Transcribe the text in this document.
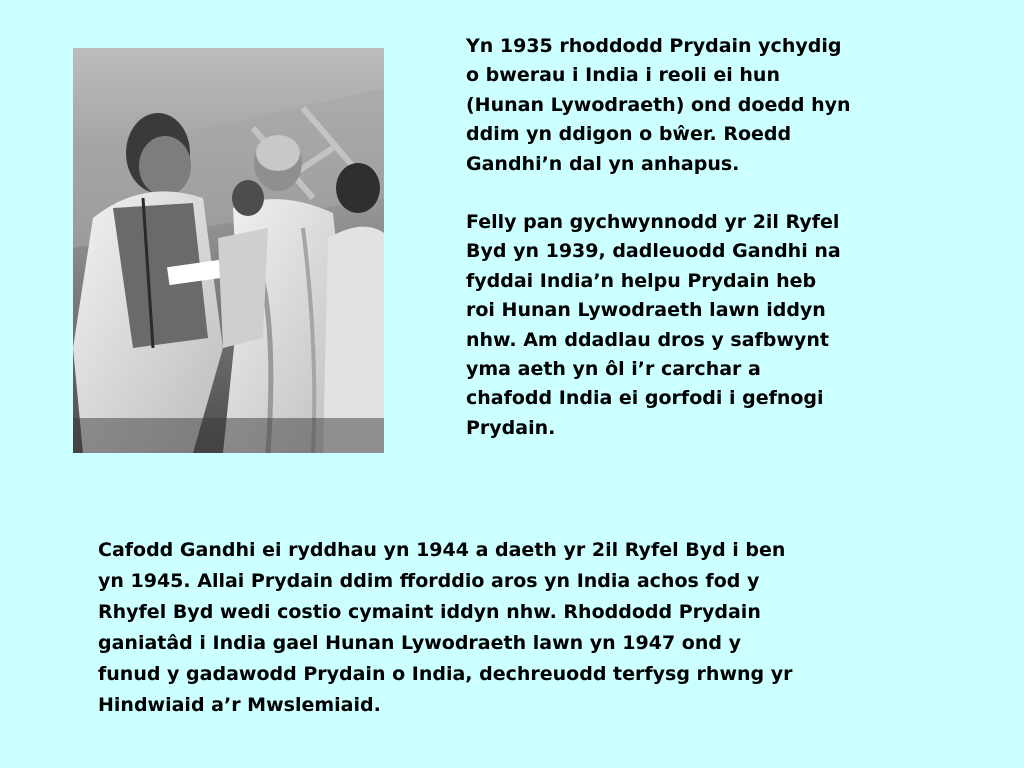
Yn 1935 rhoddodd Prydain ychydig
o bwerau i India i reoli ei hun
(Hunan Lywodraeth) ond doedd hyn
ddim yn ddigon o bŵer. Roedd
Gandhi’n dal yn anhapus.

Felly pan gychwynnodd yr 2il Ryfel
Byd yn 1939, dadleuodd Gandhi na
fyddai India’n helpu Prydain heb
roi Hunan Lywodraeth lawn iddyn
nhw. Am ddadlau dros y safbwynt
yma aeth yn ôl i’r carchar a
chafodd India ei gorfodi i gefnogi
Prydain.

Cafodd Gandhi ei ryddhau yn 1944 a daeth yr 2il Ryfel Byd i ben
yn 1945. Allai Prydain ddim fforddio aros yn India achos fod y
Rhyfel Byd wedi costio cymaint iddyn nhw. Rhoddodd Prydain
ganiatâd i India gael Hunan Lywodraeth lawn yn 1947 ond y
funud y gadawodd Prydain o India, dechreuodd terfysg rhwng yr
Hindwiaid a’r Mwslemiaid.
